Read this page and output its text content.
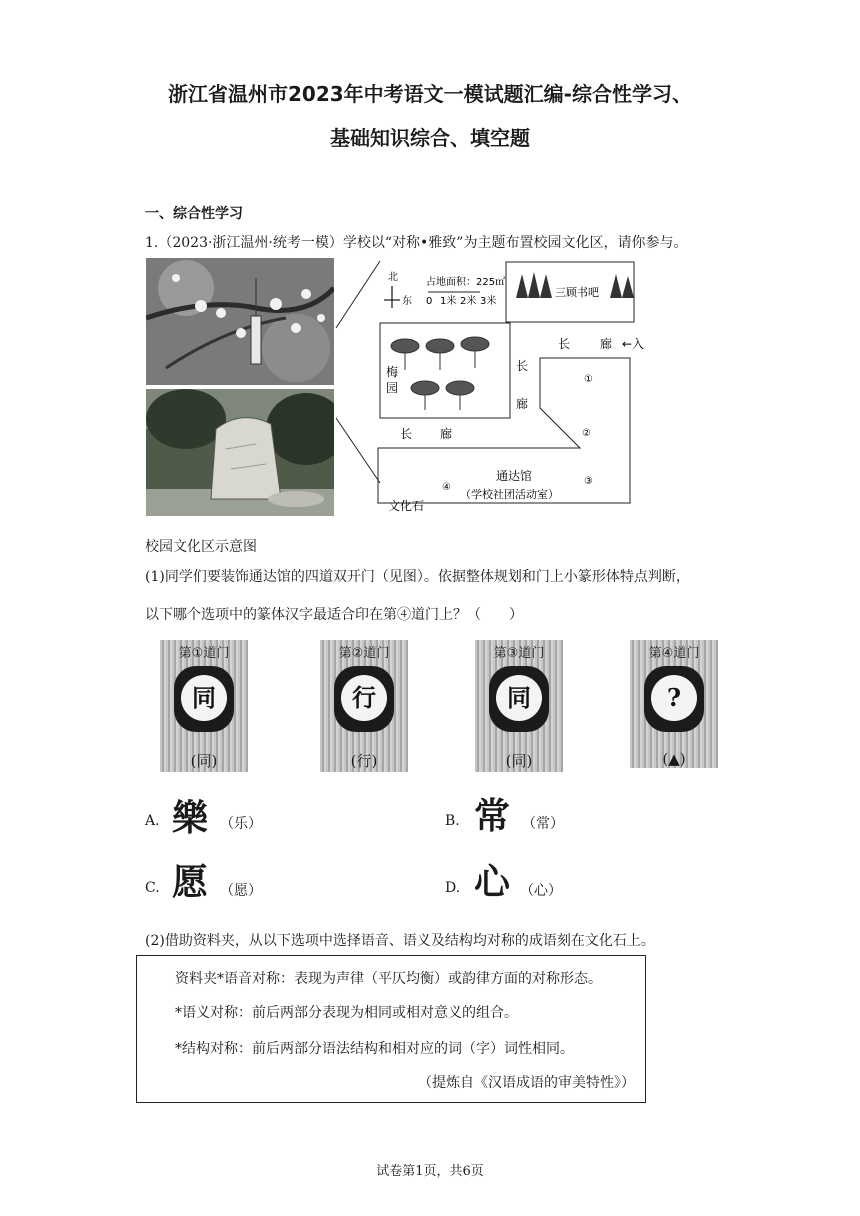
浙江省温州市2023年中考语文一模试题汇编-综合性学习、
基础知识综合、填空题
一、综合性学习
1.（2023·浙江温州·统考一模）学校以“对称•雅致”为主题布置校园文化区，请你参与。
北
东
占地面积：225㎡
0 1米 2米 3米
三顾书吧
梅
园
长 廊 ←入
长
廊
长 廊
①
②
③
④
通达馆
（学校社团活动室）
文化石
校园文化区示意图
(1)同学们要装饰通达馆的四道双开门（见图）。依据整体规划和门上小篆形体特点判断，
以下哪个选项中的篆体汉字最适合印在第④道门上？（　　）
第①道门
同
(同)
第②道门
行
(行)
第③道门
同
(同)
第④道门
?
(▲)
A. 樂 （乐）	B. 常 （常）
C. 愿 （愿）	D. 心 （心）
(2)借助资料夹，从以下选项中选择语音、语义及结构均对称的成语刻在文化石上。
资料夹*语音对称：表现为声律（平仄均衡）或韵律方面的对称形态。
*语义对称：前后两部分表现为相同或相对意义的组合。
*结构对称：前后两部分语法结构和相对应的词（字）词性相同。
（提炼自《汉语成语的审美特性》）
试卷第1页，共6页
